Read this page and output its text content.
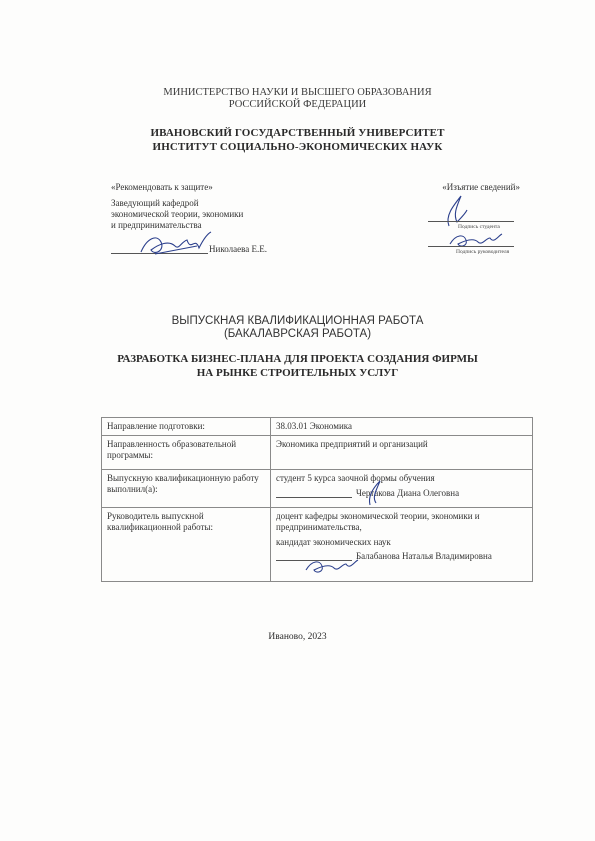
МИНИСТЕРСТВО НАУКИ И ВЫСШЕГО ОБРАЗОВАНИЯ
РОССИЙСКОЙ ФЕДЕРАЦИИ
ИВАНОВСКИЙ ГОСУДАРСТВЕННЫЙ УНИВЕРСИТЕТ
ИНСТИТУТ СОЦИАЛЬНО-ЭКОНОМИЧЕСКИХ НАУК
«Рекомендовать к защите»
Заведующий кафедрой
экономической теории, экономики
и предпринимательства
Николаева Е.Е.
«Изъятие сведений»
Подпись студента
Подпись руководителя
ВЫПУСКНАЯ КВАЛИФИКАЦИОННАЯ РАБОТА
(БАКАЛАВРСКАЯ РАБОТА)
РАЗРАБОТКА БИЗНЕС-ПЛАНА ДЛЯ ПРОЕКТА СОЗДАНИЯ ФИРМЫ
НА РЫНКЕ СТРОИТЕЛЬНЫХ УСЛУГ
Направление подготовки:	38.03.01 Экономика
Направленность образовательной программы:	Экономика предприятий и организаций
Выпускную квалификационную работу выполнил(а):	студент 5 курса заочной формы обучения
Чертакова Диана Олеговна

Руководитель выпускной квалификационной работы:	доцент кафедры экономической теории, экономики и предпринимательства,
кандидат экономических наук
Балабанова Наталья Владимировна
Иваново, 2023
